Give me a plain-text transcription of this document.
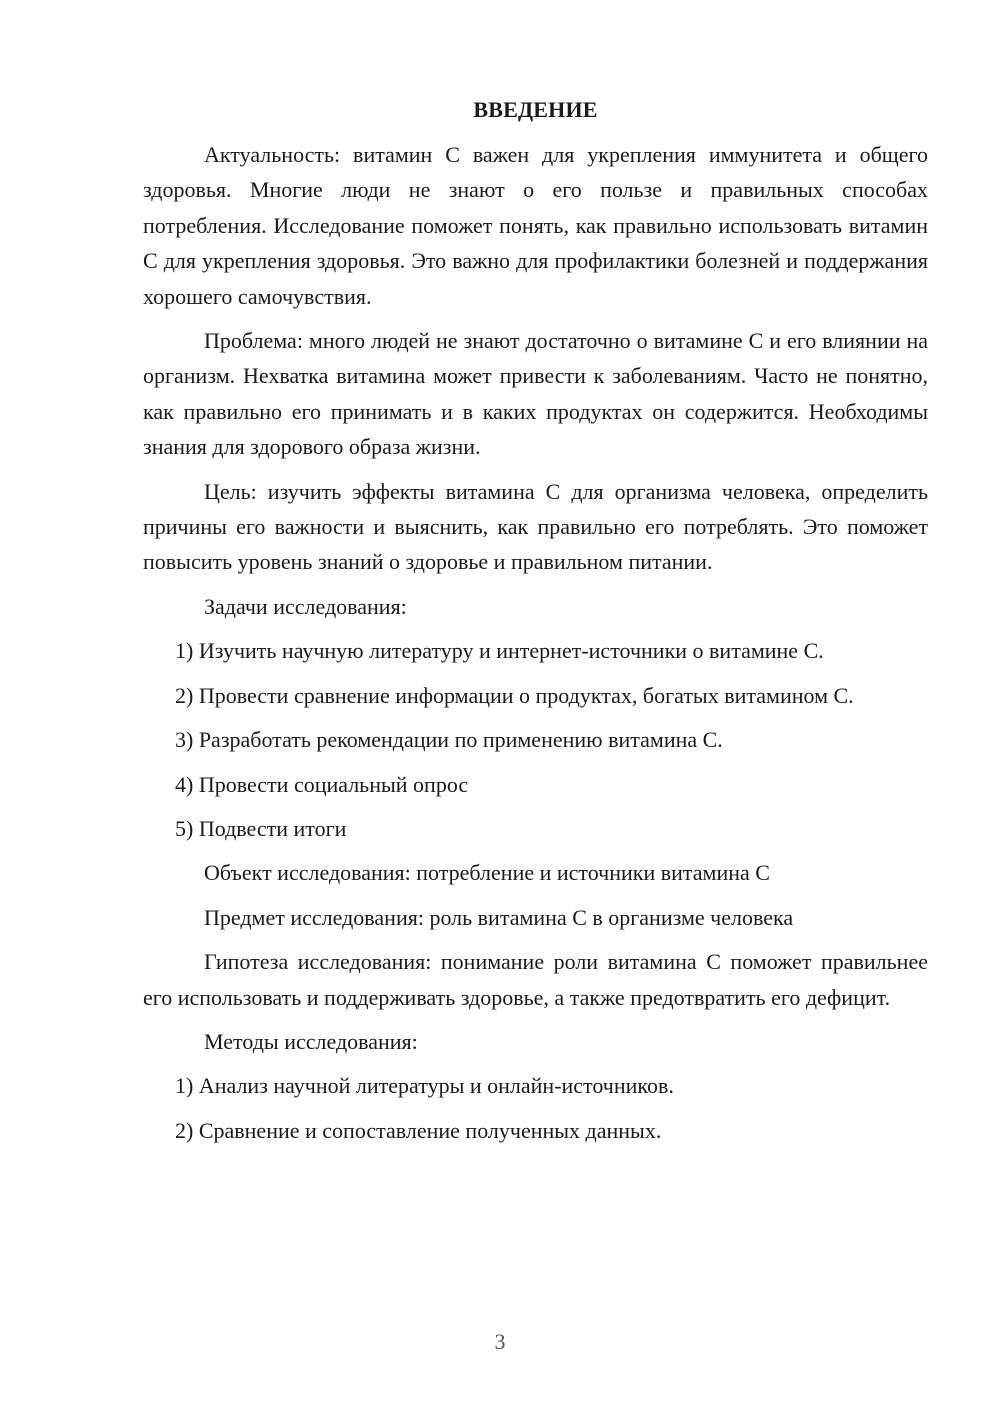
ВВЕДЕНИЕ

Актуальность: витамин C важен для укрепления иммунитета и общего здоровья. Многие люди не знают о его пользе и правильных способах потребления. Исследование поможет понять, как правильно использовать витамин C для укрепления здоровья. Это важно для профилактики болезней и поддержания хорошего самочувствия.

Проблема: много людей не знают достаточно о витамине C и его влиянии на организм. Нехватка витамина может привести к заболеваниям. Часто не понятно, как правильно его принимать и в каких продуктах он содержится. Необходимы знания для здорового образа жизни.

Цель: изучить эффекты витамина C для организма человека, определить причины его важности и выяснить, как правильно его потреблять. Это поможет повысить уровень знаний о здоровье и правильном питании.

Задачи исследования:

1) Изучить научную литературу и интернет-источники о витамине C.

2) Провести сравнение информации о продуктах, богатых витамином C.

3) Разработать рекомендации по применению витамина C.

4) Провести социальный опрос

5) Подвести итоги

Объект исследования: потребление и источники витамина C

Предмет исследования: роль витамина C в организме человека

Гипотеза исследования: понимание роли витамина C поможет правильнее его использовать и поддерживать здоровье, а также предотвратить его дефицит.

Методы исследования:

1) Анализ научной литературы и онлайн-источников.

2) Сравнение и сопоставление полученных данных.

3
